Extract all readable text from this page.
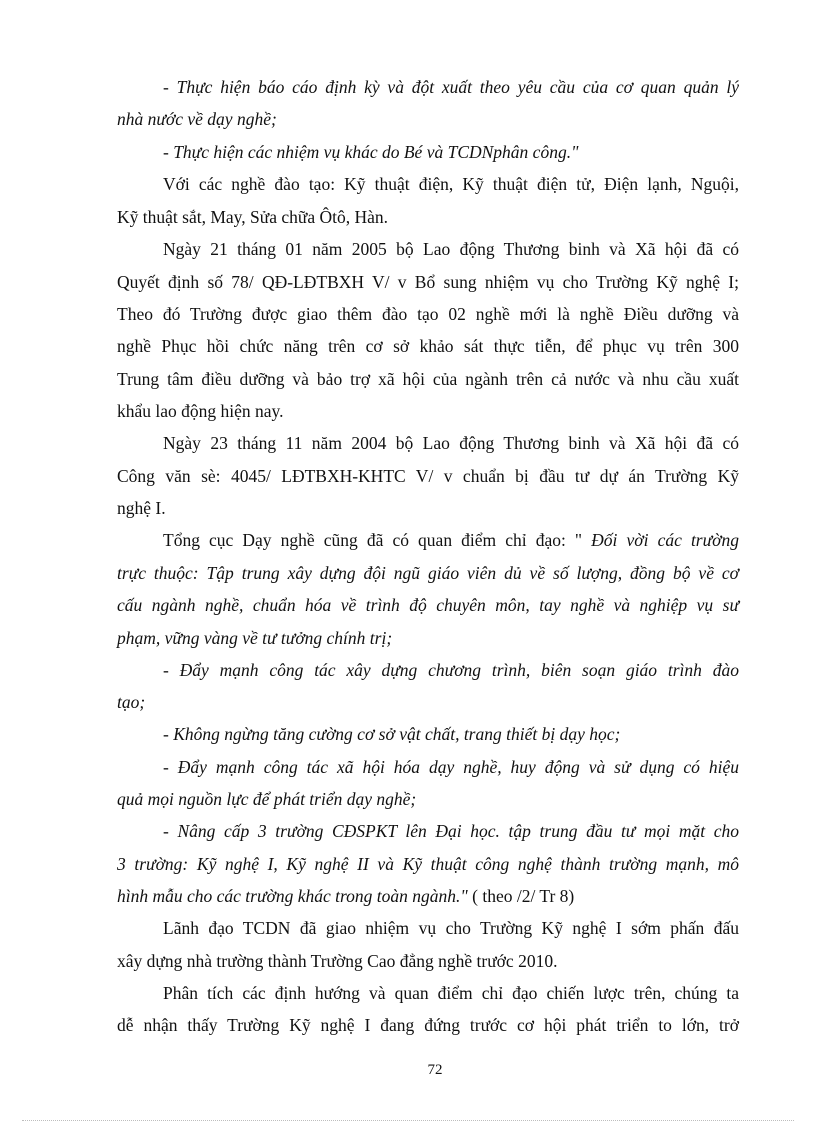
- Thực hiện báo cáo định kỳ và đột xuất theo yêu cầu của cơ quan quản lý
nhà nước về dạy nghề;
- Thực hiện các nhiệm vụ khác do Bé và TCDNphân công."
Với các nghề đào tạo: Kỹ thuật điện, Kỹ thuật điện tử, Điện lạnh, Nguội,
Kỹ thuật sắt, May, Sửa chữa Ôtô, Hàn.
Ngày 21 tháng 01 năm 2005 bộ Lao động Thương binh và Xã hội đã có
Quyết định số 78/ QĐ-LĐTBXH V/ v Bổ sung nhiệm vụ cho Trường Kỹ nghệ I;
Theo đó Trường được giao thêm đào tạo 02 nghề mới là nghề Điều dưỡng và
nghề Phục hồi chức năng trên cơ sở khảo sát thực tiễn, để phục vụ trên 300
Trung tâm điều dưỡng và bảo trợ xã hội của ngành trên cả nước và nhu cầu xuất
khẩu lao động hiện nay.
Ngày 23 tháng 11 năm 2004 bộ Lao động Thương binh và Xã hội đã có
Công văn sè: 4045/ LĐTBXH-KHTC V/ v chuẩn bị đầu tư dự án Trường Kỹ
nghệ I.
Tổng cục Dạy nghề cũng đã có quan điểm chỉ đạo: " Đối vời các trường
trực thuộc: Tập trung xây dựng đội ngũ giáo viên dủ về số lượng, đồng bộ về cơ
cấu ngành nghề, chuẩn hóa về trình độ chuyên môn, tay nghề và nghiệp vụ sư
phạm, vững vàng về tư tưởng chính trị;
- Đẩy mạnh công tác xây dựng chương trình, biên soạn giáo trình đào
tạo;
- Không ngừng tăng cường cơ sở vật chất, trang thiết bị dạy học;
- Đẩy mạnh công tác xã hội hóa dạy nghề, huy động và sử dụng có hiệu
quả mọi nguồn lực để phát triển dạy nghề;
- Nâng cấp 3 trường CĐSPKT lên Đại học. tập trung đầu tư mọi mặt cho
3 trường: Kỹ nghệ I, Kỹ nghệ II và Kỹ thuật công nghệ thành trường mạnh, mô
hình mẫu cho các trường khác trong toàn ngành." ( theo /2/ Tr 8)
Lãnh đạo TCDN đã giao nhiệm vụ cho Trường Kỹ nghệ I sớm phấn đấu
xây dựng nhà trường thành Trường Cao đẳng nghề trước 2010.
Phân tích các định hướng và quan điểm chỉ đạo chiến lược trên, chúng ta
dễ nhận thấy Trường Kỹ nghệ I đang đứng trước cơ hội phát triển to lớn, trở
72
